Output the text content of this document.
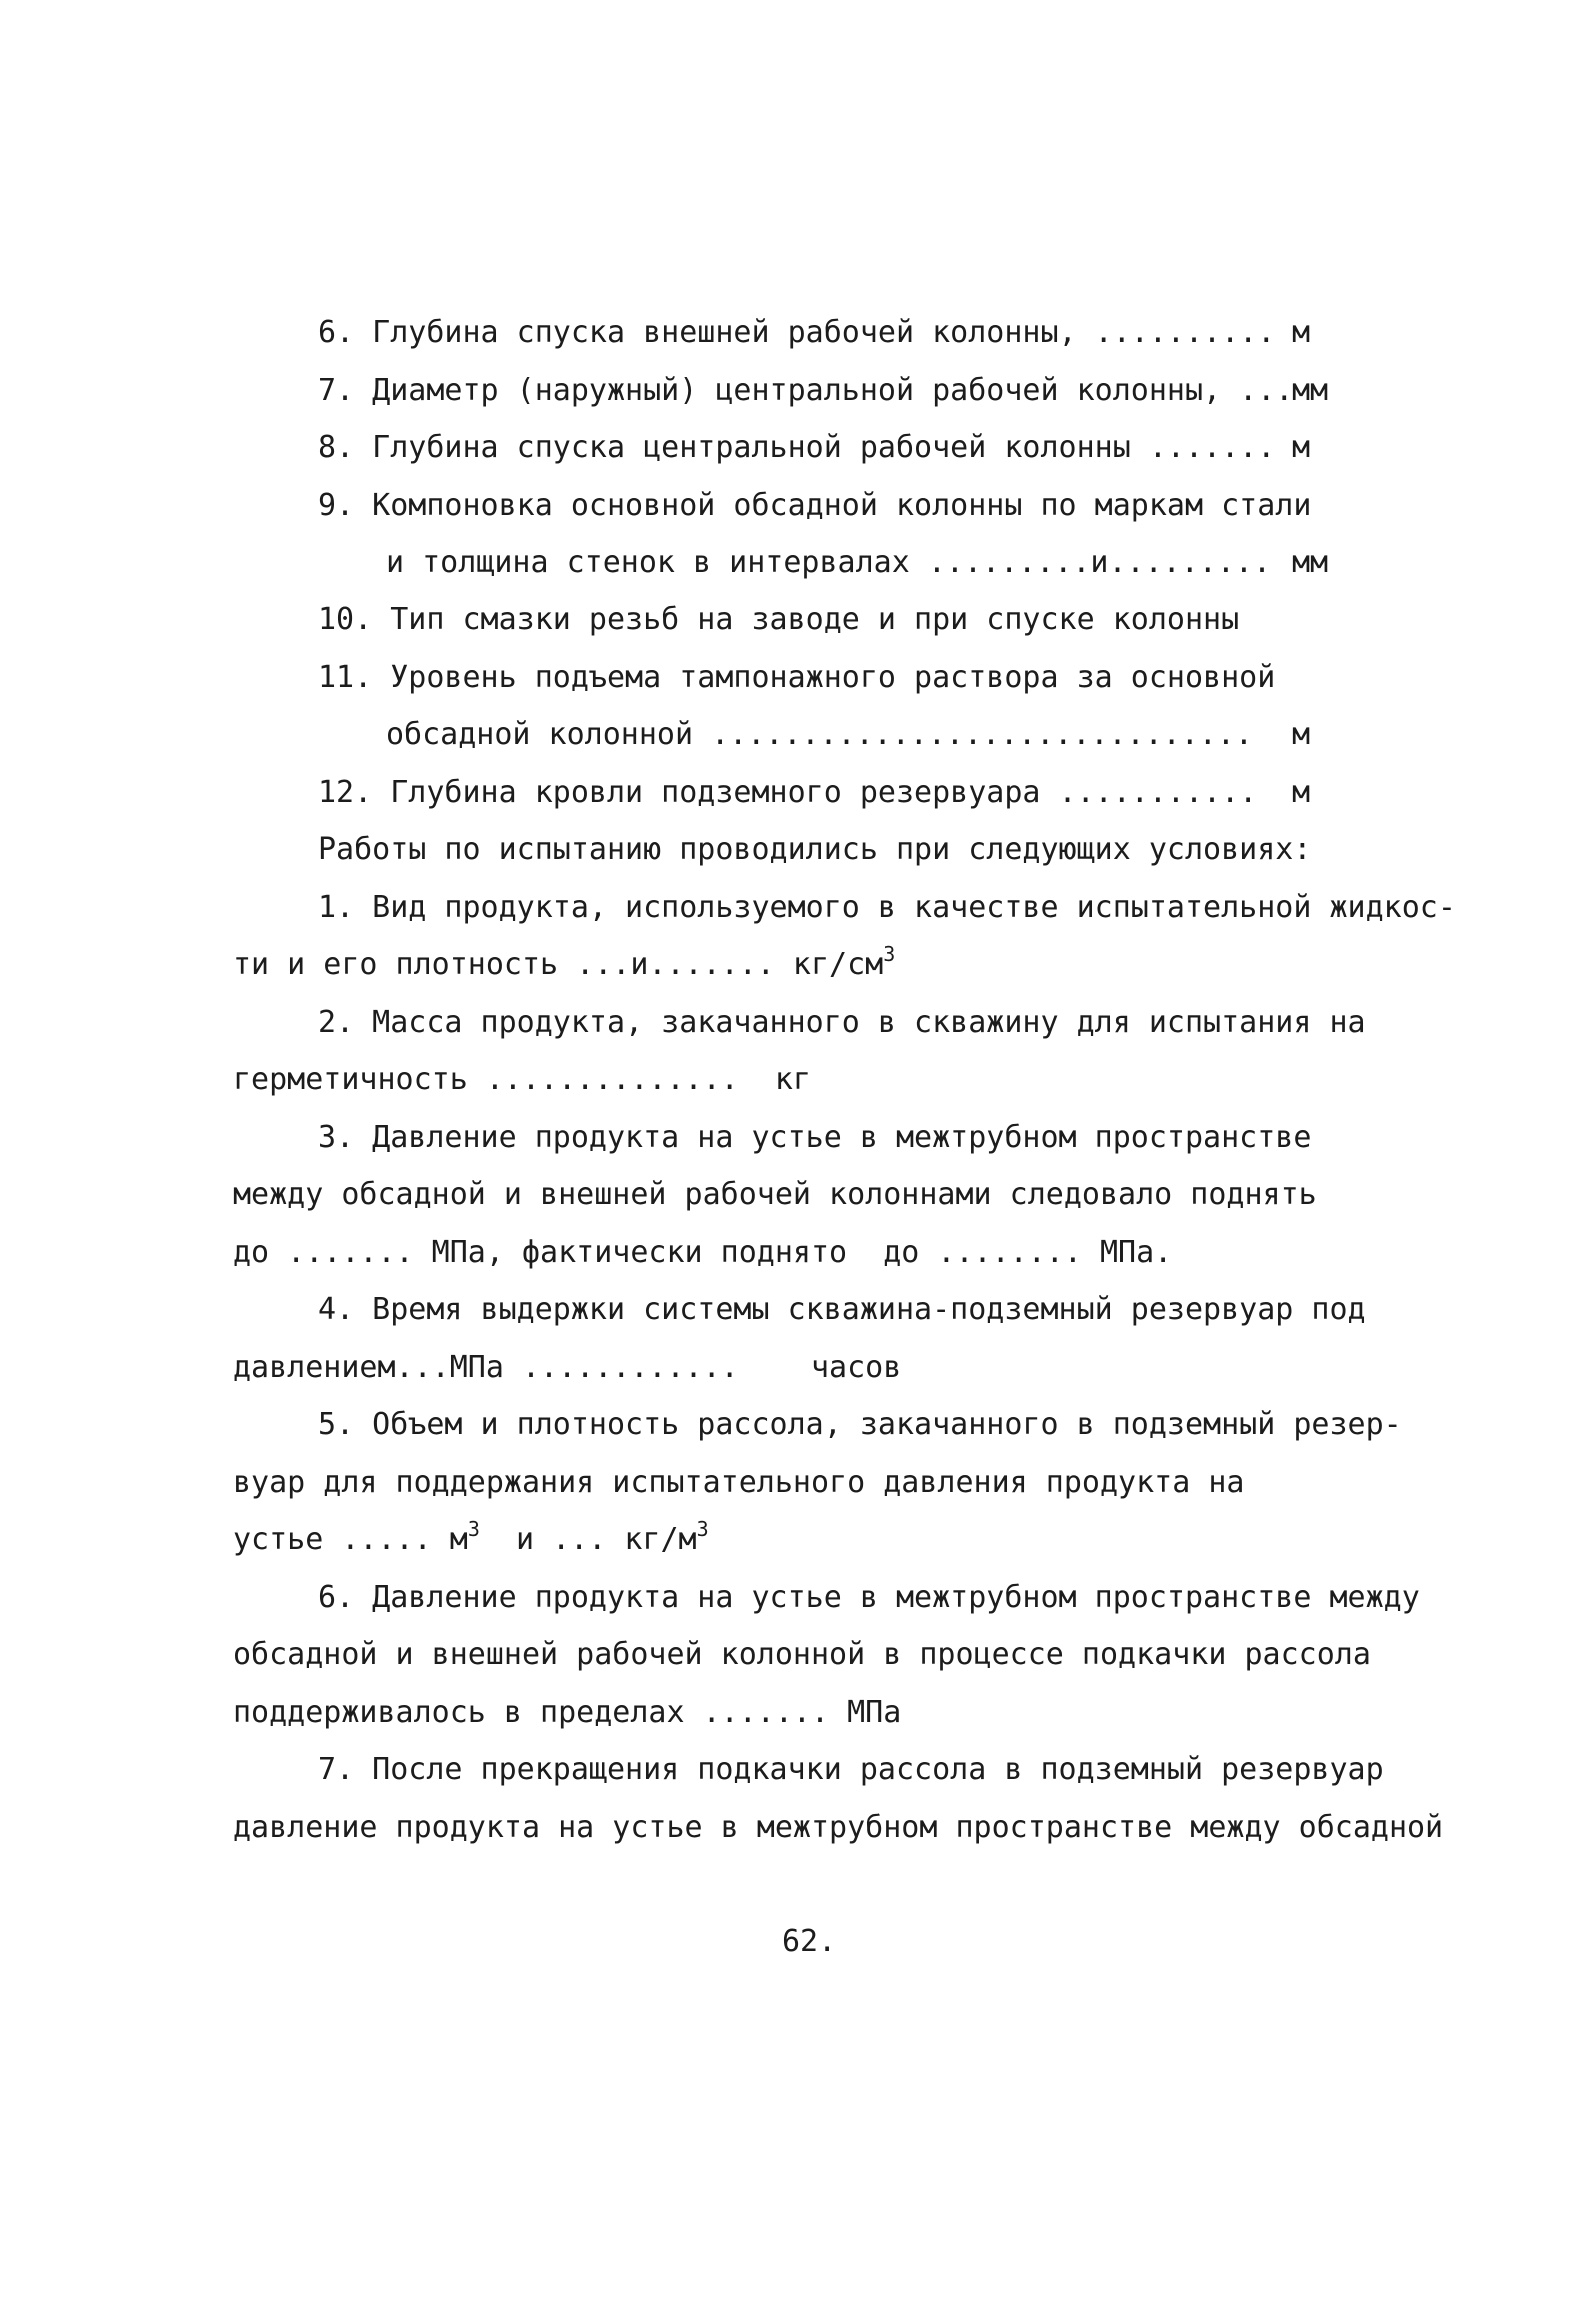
6. Глубина спуска внешней рабочей колонны, .......... м
7. Диаметр (наружный) центральной рабочей колонны, ...
мм
8. Глубина спуска центральной рабочей колонны ....... м
9. Компоновка основной обсадной колонны по маркам стали
и толщина стенок в интервалах .........и......... мм
10. Тип смазки резьб на заводе и при спуске колонны
11. Уровень подъема тампонажного раствора за основной
обсадной колонной .............................. м
12. Глубина кровли подземного резервуара ........... м
Работы по испытанию проводились при следующих условиях:
1. Вид продукта, используемого в качестве испытательной жидкос-
ти и его плотность ...и....... $кг/см^3$
2. Масса продукта, закачанного в скважину для испытания на
герметичность ..............  кг
3. Давление продукта на устье в межтрубном пространстве
между обсадной и внешней рабочей колоннами следовало поднять
до ....... МПа, фактически поднято  до ........ МПа.
4. Время выдержки системы скважина-подземный резервуар под
давлением...МПа ............    часов
5. Объем и плотность рассола, закачанного в подземный резер-
вуар для поддержания испытательного давления продукта на
устье ..... $м^3$  и ... $кг/м^3$
6. Давление продукта на устье в межтрубном пространстве между
обсадной и внешней рабочей колонной в процессе подкачки рассола
поддерживалось в пределах ....... МПа
7. После прекращения подкачки рассола в подземный резервуар
давление продукта на устье в межтрубном пространстве между обсадной
62.
